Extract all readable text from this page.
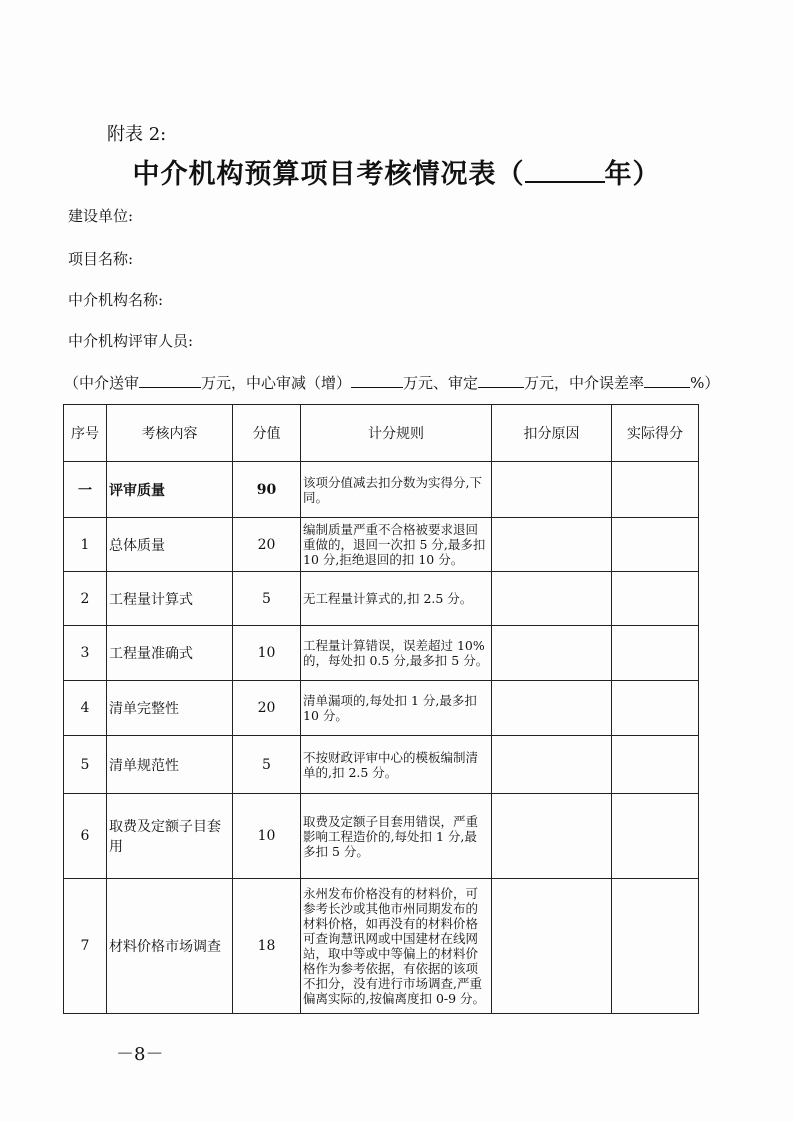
附表 2:
中介机构预算项目考核情况表（	年）
建设单位:
项目名称:
中介机构名称:
中介机构评审人员:
（中介送审	万元，中心审减（增）	万元、审定	万元，中介误差率	%）
序号	考核内容	分值	计分规则	扣分原因	实际得分
一	评审质量	90	该项分值减去扣分数为实得分,下同。		
1	总体质量	20	编制质量严重不合格被要求退回重做的，退回一次扣 5 分,最多扣 10 分,拒绝退回的扣 10 分。		
2	工程量计算式	5	无工程量计算式的,扣 2.5 分。		
3	工程量准确式	10	工程量计算错误，误差超过 10%的，每处扣 0.5 分,最多扣 5 分。		
4	清单完整性	20	清单漏项的,每处扣 1 分,最多扣 10 分。		
5	清单规范性	5	不按财政评审中心的模板编制清单的,扣 2.5 分。		
6	取费及定额子目套用	10	取费及定额子目套用错误，严重影响工程造价的,每处扣 1 分,最多扣 5 分。		
7	材料价格市场调查	18	永州发布价格没有的材料价，可参考长沙或其他市州同期发布的材料价格，如再没有的材料价格可查询慧讯网或中国建材在线网站，取中等或中等偏上的材料价格作为参考依据，有依据的该项不扣分，没有进行市场调查,严重偏离实际的,按偏离度扣 0-9 分。		
－8－
